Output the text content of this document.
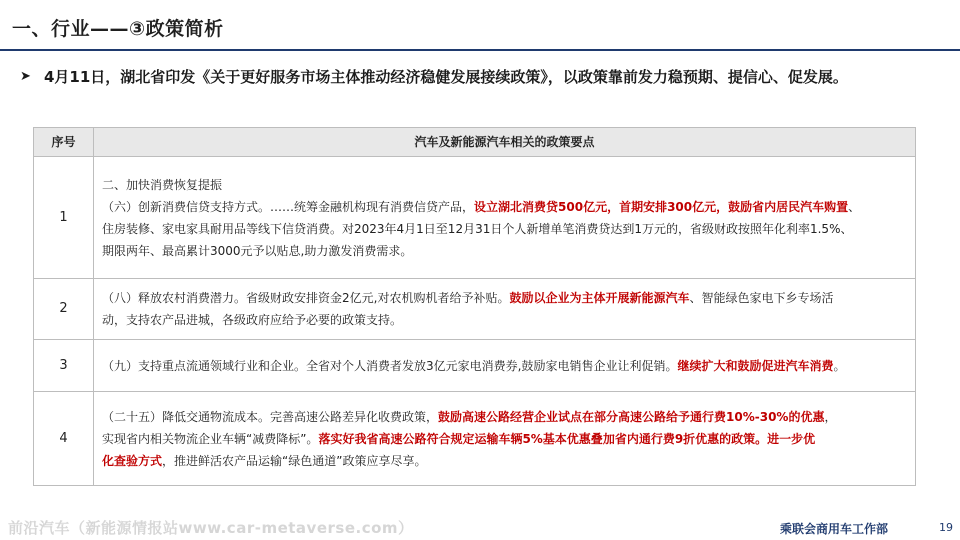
一、行业——③政策简析
➤ 4月11日，湖北省印发《关于更好服务市场主体推动经济稳健发展接续政策》，以政策靠前发力稳预期、提信心、促发展。
序号	汽车及新能源汽车相关的政策要点
1	二、加快消费恢复提振
（六）创新消费信贷支持方式。……统筹金融机构现有消费信贷产品，设立湖北消费贷500亿元，首期安排300亿元，鼓励省内居民汽车购置、
住房装修、家电家具耐用品等线下信贷消费。对2023年4月1日至12月31日个人新增单笔消费贷达到1万元的，省级财政按照年化利率1.5%、
期限两年、最高累计3000元予以贴息,助力激发消费需求。

2	（八）释放农村消费潜力。省级财政安排资金2亿元,对农机购机者给予补贴。鼓励以企业为主体开展新能源汽车、智能绿色家电下乡专场活
动，支持农产品进城，各级政府应给予必要的政策支持。

3	（九）支持重点流通领域行业和企业。全省对个人消费者发放3亿元家电消费券,鼓励家电销售企业让利促销。继续扩大和鼓励促进汽车消费。

4	（二十五）降低交通物流成本。完善高速公路差异化收费政策，鼓励高速公路经营企业试点在部分高速公路给予通行费10%-30%的优惠，
实现省内相关物流企业车辆“减费降标”。落实好我省高速公路符合规定运输车辆5%基本优惠叠加省内通行费9折优惠的政策。进一步优
化查验方式，推进鲜活农产品运输“绿色通道”政策应享尽享。
前沿汽车（新能源情报站www.car-metaverse.com）	乘联会商用车工作部	19
